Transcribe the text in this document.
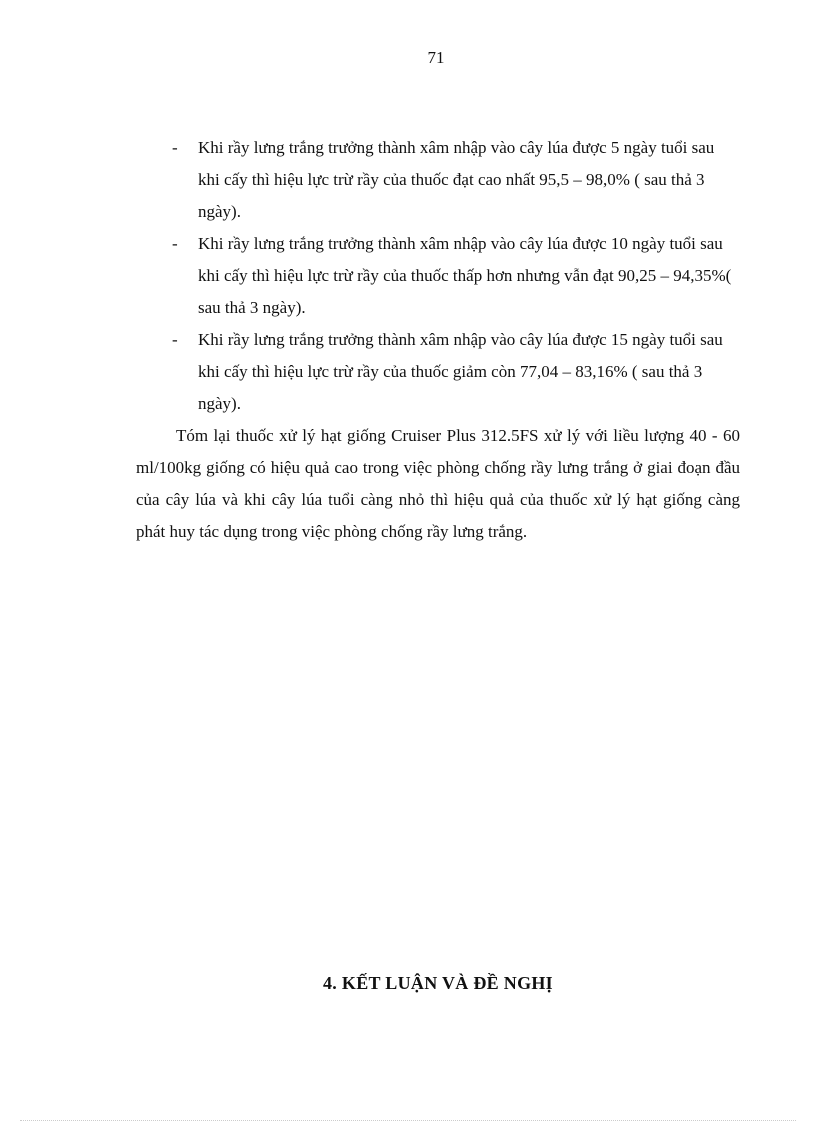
71
- Khi rầy lưng trắng trưởng thành xâm nhập vào cây lúa được 5 ngày tuổi sau khi cấy thì hiệu lực trừ rầy của thuốc đạt cao nhất 95,5 – 98,0% ( sau thả 3 ngày).
- Khi rầy lưng trắng trưởng thành xâm nhập vào cây lúa được 10 ngày tuổi sau khi cấy thì hiệu lực trừ rầy của thuốc thấp hơn nhưng vẫn đạt 90,25 – 94,35%( sau thả 3 ngày).
- Khi rầy lưng trắng trưởng thành xâm nhập vào cây lúa được 15 ngày tuổi sau khi cấy thì hiệu lực trừ rầy của thuốc giảm còn 77,04 – 83,16% ( sau thả 3 ngày).
Tóm lại thuốc xử lý hạt giống Cruiser Plus 312.5FS xử lý với liều lượng 40 - 60 ml/100kg giống có hiệu quả cao trong việc phòng chống rầy lưng trắng ở giai đoạn đầu của cây lúa và khi cây lúa tuổi càng nhỏ thì hiệu quả của thuốc xử lý hạt giống càng phát huy tác dụng trong việc phòng chống rầy lưng trắng.
4. KẾT LUẬN VÀ ĐỀ NGHỊ
